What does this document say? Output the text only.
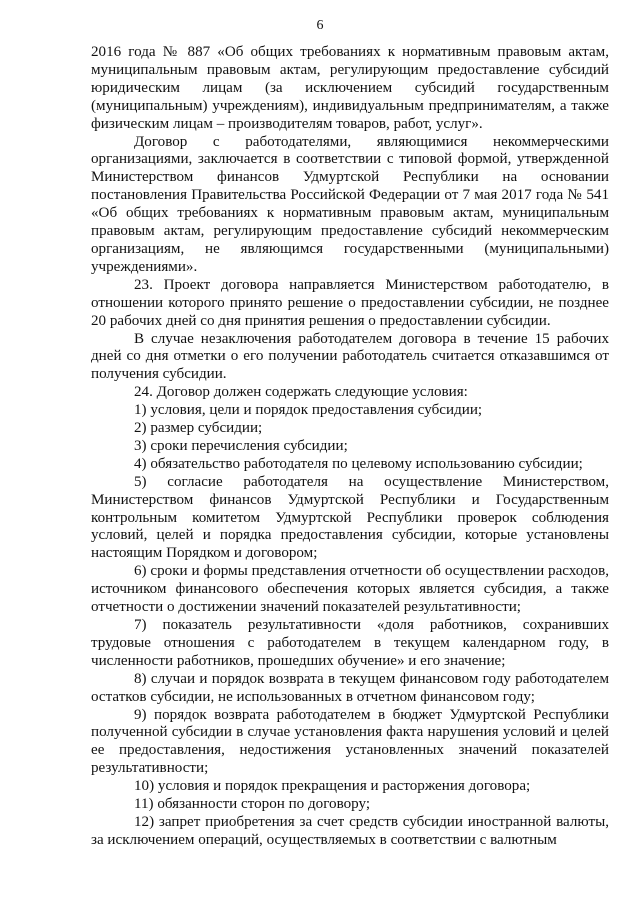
6

2016 года № 887 «Об общих требованиях к нормативным правовым актам, муниципальным правовым актам, регулирующим предоставление субсидий юридическим лицам (за исключением субсидий государственным (муниципальным) учреждениям), индивидуальным предпринимателям, а также физическим лицам – производителям товаров, работ, услуг».

Договор с работодателями, являющимися некоммерческими организациями, заключается в соответствии с типовой формой, утвержденной Министерством финансов Удмуртской Республики на основании постановления Правительства Российской Федерации от 7 мая 2017 года № 541 «Об общих требованиях к нормативным правовым актам, муниципальным правовым актам, регулирующим предоставление субсидий некоммерческим организациям, не являющимся государственными (муниципальными) учреждениями».

23. Проект договора направляется Министерством работодателю, в отношении которого принято решение о предоставлении субсидии, не позднее 20 рабочих дней со дня принятия решения о предоставлении субсидии.

В случае незаключения работодателем договора в течение 15 рабочих дней со дня отметки о его получении работодатель считается отказавшимся от получения субсидии.

24. Договор должен содержать следующие условия:

1) условия, цели и порядок предоставления субсидии;

2) размер субсидии;

3) сроки перечисления субсидии;

4) обязательство работодателя по целевому использованию субсидии;

5) согласие работодателя на осуществление Министерством, Министерством финансов Удмуртской Республики и Государственным контрольным комитетом Удмуртской Республики проверок соблюдения условий, целей и порядка предоставления субсидии, которые установлены настоящим Порядком и договором;

6) сроки и формы представления отчетности об осуществлении расходов, источником финансового обеспечения которых является субсидия, а также отчетности о достижении значений показателей результативности;

7) показатель результативности «доля работников, сохранивших трудовые отношения с работодателем в текущем календарном году, в численности работников, прошедших обучение» и его значение;

8) случаи и порядок возврата в текущем финансовом году работодателем остатков субсидии, не использованных в отчетном финансовом году;

9) порядок возврата работодателем в бюджет Удмуртской Республики полученной субсидии в случае установления факта нарушения условий и целей ее предоставления, недостижения установленных значений показателей результативности;

10) условия и порядок прекращения и расторжения договора;

11) обязанности сторон по договору;

12) запрет приобретения за счет средств субсидии иностранной валюты, за исключением операций, осуществляемых в соответствии с валютным
